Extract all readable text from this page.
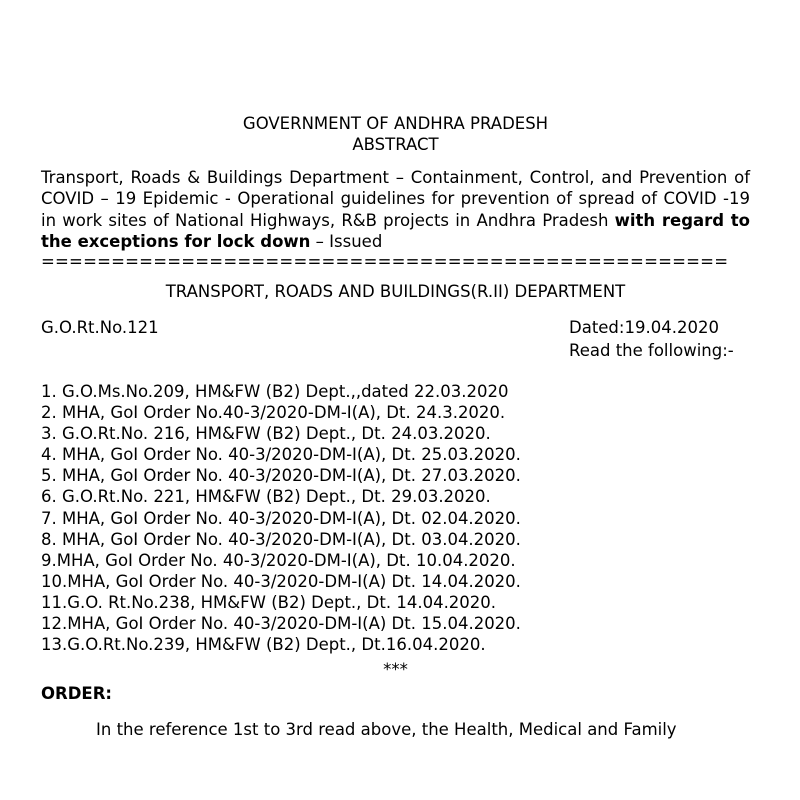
GOVERNMENT OF ANDHRA PRADESH
ABSTRACT
Transport, Roads & Buildings Department – Containment, Control, and Prevention of COVID – 19 Epidemic - Operational guidelines for prevention of spread of COVID -19 in work sites of National Highways, R&B projects in Andhra Pradesh with regard to the exceptions for lock down – Issued
=================================================
TRANSPORT, ROADS AND BUILDINGS(R.II) DEPARTMENT
G.O.Rt.No.121	Dated:19.04.2020
Read the following:-
1. G.O.Ms.No.209, HM&FW (B2) Dept.,,dated 22.03.2020
2. MHA, GoI Order No.40-3/2020-DM-I(A), Dt. 24.3.2020.
3. G.O.Rt.No. 216, HM&FW (B2) Dept., Dt. 24.03.2020.
4. MHA, GoI Order No. 40-3/2020-DM-I(A), Dt. 25.03.2020.
5. MHA, GoI Order No. 40-3/2020-DM-I(A), Dt. 27.03.2020.
6. G.O.Rt.No. 221, HM&FW (B2) Dept., Dt. 29.03.2020.
7. MHA, GoI Order No. 40-3/2020-DM-I(A), Dt. 02.04.2020.
8. MHA, GoI Order No. 40-3/2020-DM-I(A), Dt. 03.04.2020.
9.MHA, GoI Order No. 40-3/2020-DM-I(A), Dt. 10.04.2020.
10.MHA, GoI Order No. 40-3/2020-DM-I(A) Dt. 14.04.2020.
11.G.O. Rt.No.238, HM&FW (B2) Dept., Dt. 14.04.2020.
12.MHA, GoI Order No. 40-3/2020-DM-I(A) Dt. 15.04.2020.
13.G.O.Rt.No.239, HM&FW (B2) Dept., Dt.16.04.2020.
***
ORDER:
In the reference 1st to 3rd read above, the Health, Medical and Family
